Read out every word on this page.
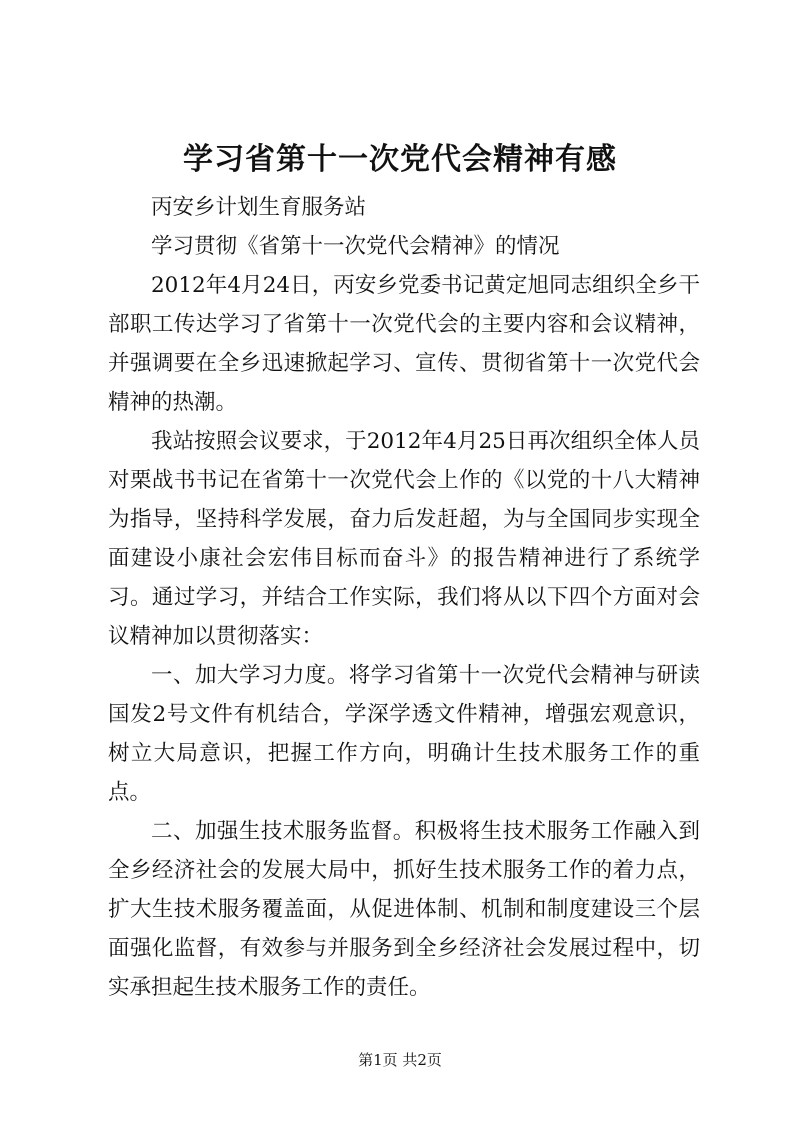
学习省第十一次党代会精神有感

丙安乡计划生育服务站

学习贯彻《省第十一次党代会精神》的情况

2012年4月24日，丙安乡党委书记黄定旭同志组织全乡干部职工传达学习了省第十一次党代会的主要内容和会议精神，并强调要在全乡迅速掀起学习、宣传、贯彻省第十一次党代会精神的热潮。

我站按照会议要求，于2012年4月25日再次组织全体人员对栗战书书记在省第十一次党代会上作的《以党的十八大精神为指导，坚持科学发展，奋力后发赶超，为与全国同步实现全面建设小康社会宏伟目标而奋斗》的报告精神进行了系统学习。通过学习，并结合工作实际，我们将从以下四个方面对会议精神加以贯彻落实：

一、加大学习力度。将学习省第十一次党代会精神与研读国发2号文件有机结合，学深学透文件精神，增强宏观意识，树立大局意识，把握工作方向，明确计生技术服务工作的重点。

二、加强生技术服务监督。积极将生技术服务工作融入到全乡经济社会的发展大局中，抓好生技术服务工作的着力点，扩大生技术服务覆盖面，从促进体制、机制和制度建设三个层面强化监督，有效参与并服务到全乡经济社会发展过程中，切实承担起生技术服务工作的责任。

第1页 共2页
